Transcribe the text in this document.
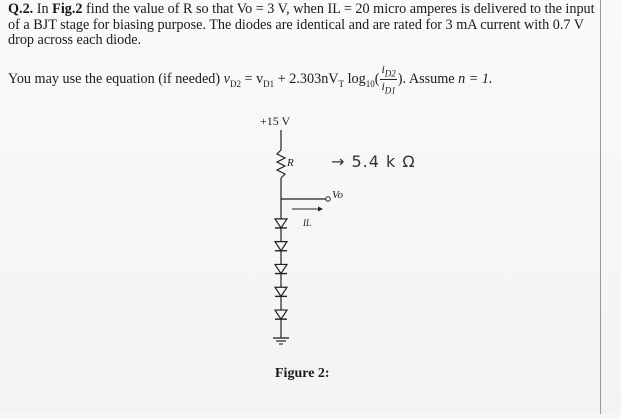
Q.2. In Fig.2 find the value of R so that Vo = 3 V, when IL = 20 micro amperes is delivered to the input of a BJT stage for biasing purpose. The diodes are identical and are rated for 3 mA current with 0.7 V drop across each diode.
You may use the equation (if needed) $v_{D2} = v_{D1} + 2.303nV_T$ $\log_{10}( \frac{i_{D2}}{i_{D1}}$ ). Assume n = 1.
+15 V
R → 5.4 k Ω
Vo
IL
Figure 2:
